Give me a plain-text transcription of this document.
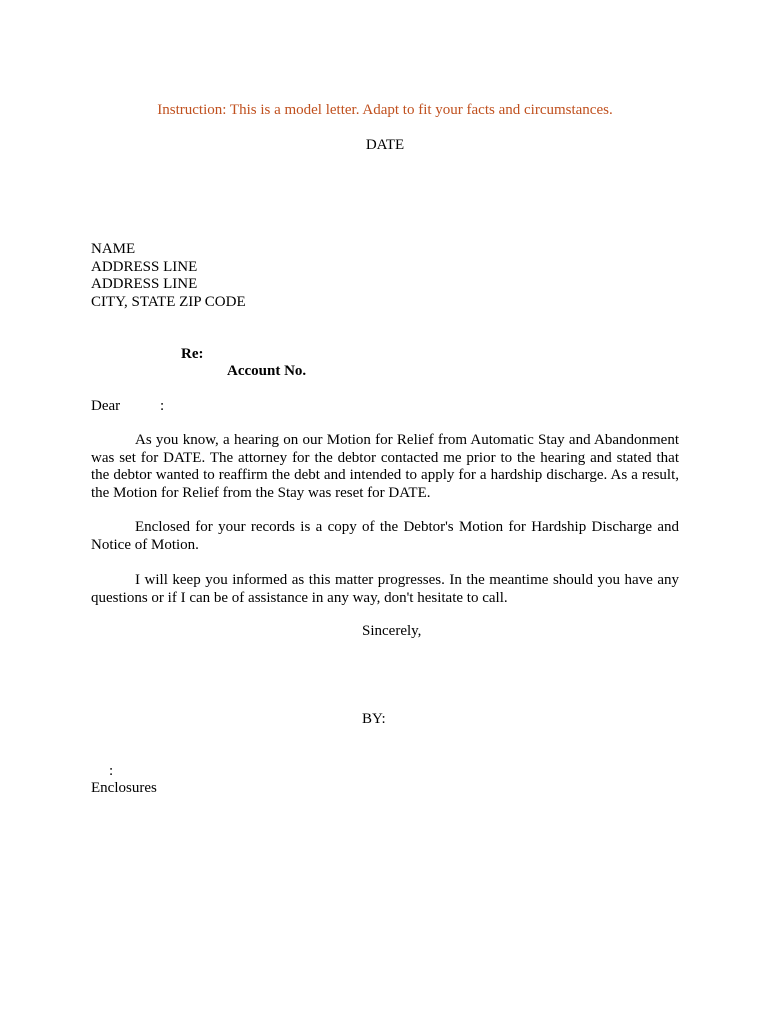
Instruction: This is a model letter. Adapt to fit your facts and circumstances.
DATE
NAME
ADDRESS LINE
ADDRESS LINE
CITY, STATE ZIP CODE
Re:
Account No.
Dear	:
As you know, a hearing on our Motion for Relief from Automatic Stay and Abandonment was set for DATE. The attorney for the debtor contacted me prior to the hearing and stated that the debtor wanted to reaffirm the debt and intended to apply for a hardship discharge. As a result, the Motion for Relief from the Stay was reset for DATE.
Enclosed for your records is a copy of the Debtor's Motion for Hardship Discharge and Notice of Motion.
I will keep you informed as this matter progresses. In the meantime should you have any questions or if I can be of assistance in any way, don't hesitate to call.
Sincerely,
BY:
:
Enclosures
